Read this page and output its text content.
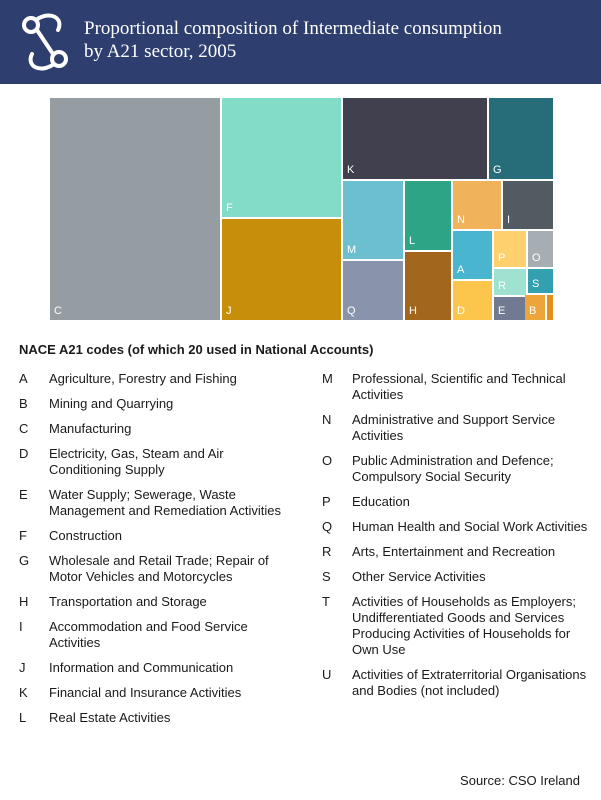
Proportional composition of Intermediate consumption
by A21 sector, 2005
C
F
J
K	G
M
Q
L
H
N	I
A
D
P O
R S
E B
NACE A21 codes (of which 20 used in National Accounts)
A	Agriculture, Forestry and Fishing
B	Mining and Quarrying
C	Manufacturing
D	Electricity, Gas, Steam and Air Conditioning Supply
E	Water Supply; Sewerage, Waste Management and Remediation Activities
F	Construction
G	Wholesale and Retail Trade; Repair of Motor Vehicles and Motorcycles
H	Transportation and Storage
I	Accommodation and Food Service Activities
J	Information and Communication
K	Financial and Insurance Activities
L	Real Estate Activities
M	Professional, Scientific and Technical Activities
N	Administrative and Support Service Activities
O	Public Administration and Defence; Compulsory Social Security
P	Education
Q	Human Health and Social Work Activities
R	Arts, Entertainment and Recreation
S	Other Service Activities
T	Activities of Households as Employers; Undifferentiated Goods and Services Producing Activities of Households for Own Use
U	Activities of Extraterritorial Organisations and Bodies (not included)
Source: CSO Ireland
